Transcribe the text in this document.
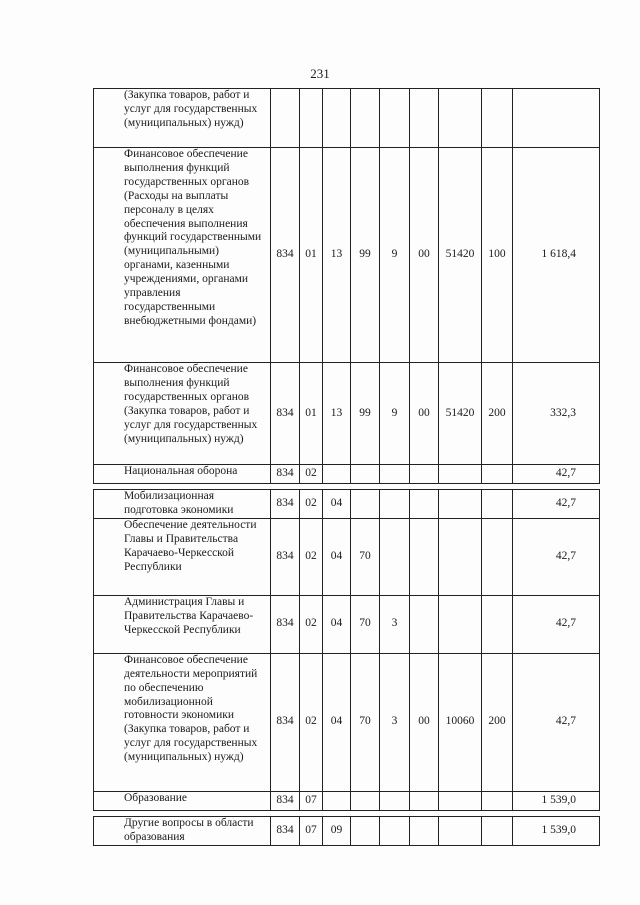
231
(Закупка товаров, работ и услуг для государственных (муниципальных) нужд)									
Финансовое обеспечение выполнения функций государственных органов (Расходы на выплаты персоналу в целях обеспечения выполнения функций государственными (муниципальными) органами, казенными учреждениями, органами управления государственными внебюджетными фондами)	834	01	13	99	9	00	51420	100	1 618,4
Финансовое обеспечение выполнения функций государственных органов (Закупка товаров, работ и услуг для государственных (муниципальных) нужд)	834	01	13	99	9	00	51420	200	332,3
Национальная оборона	834	02							42,7

Мобилизационная подготовка экономики	834	02	04						42,7
Обеспечение деятельности Главы и Правительства Карачаево-Черкесской Республики	834	02	04	70					42,7
Администрация Главы и Правительства Карачаево-Черкесской Республики	834	02	04	70	3				42,7
Финансовое обеспечение деятельности мероприятий по обеспечению мобилизационной готовности экономики (Закупка товаров, работ и услуг для государственных (муниципальных) нужд)	834	02	04	70	3	00	10060	200	42,7
Образование	834	07							1 539,0

Другие вопросы в области образования	834	07	09						1 539,0
